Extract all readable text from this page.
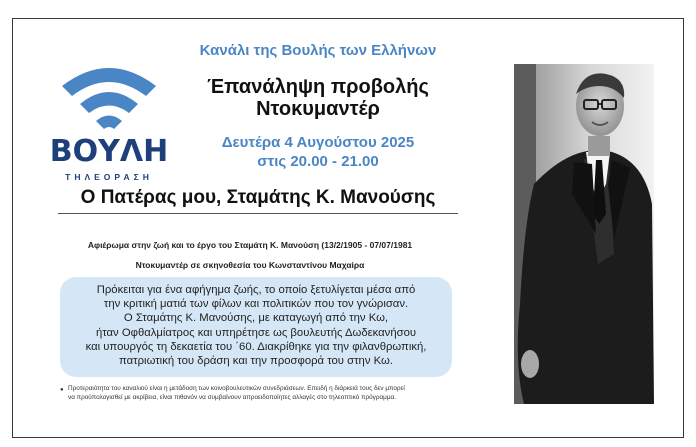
ΒΟΥΛΗ
ΤΗΛΕΟΡΑΣΗ
Κανάλι της Βουλής των Ελλήνων
Έπανάληψη προβολής
Ντοκυμαντέρ
Δευτέρα 4 Αυγούστου 2025
στις 20.00 - 21.00
Ο Πατέρας μου, Σταμάτης Κ. Μανούσης
Αφιέρωμα στην ζωή και το έργο του Σταμάτη Κ. Μανούση (13/2/1905 - 07/07/1981
Ντοκυμαντέρ σε σκηνοθεσία του Κωνσταντίνου Μαχαίρα
Πρόκειται για ένα αφήγημα ζωής, το οποίο ξετυλίγεται μέσα από
την κριτική ματιά των φίλων και πολιτικών που τον γνώρισαν.
Ο Σταμάτης Κ. Μανούσης, με καταγωγή από την Κω,
ήταν Οφθαλμίατρος και υπηρέτησε ως βουλευτής Δωδεκανήσου
και υπουργός τη δεκαετία του ΄60. Διακρίθηκε για την φιλανθρωπική,
πατριωτική του δράση και την προσφορά του στην Κω.
● Προτεραιότητα του καναλιού είναι η μετάδοση των κοινοβουλευτικών συνεδριάσεων. Επειδή η διάρκειά τους δεν μπορεί
να προϋπολογισθεί με ακρίβεια, είναι πιθανόν να συμβαίνουν απροειδοποίητες αλλαγές στο τηλεοπτικό πρόγραμμα.
